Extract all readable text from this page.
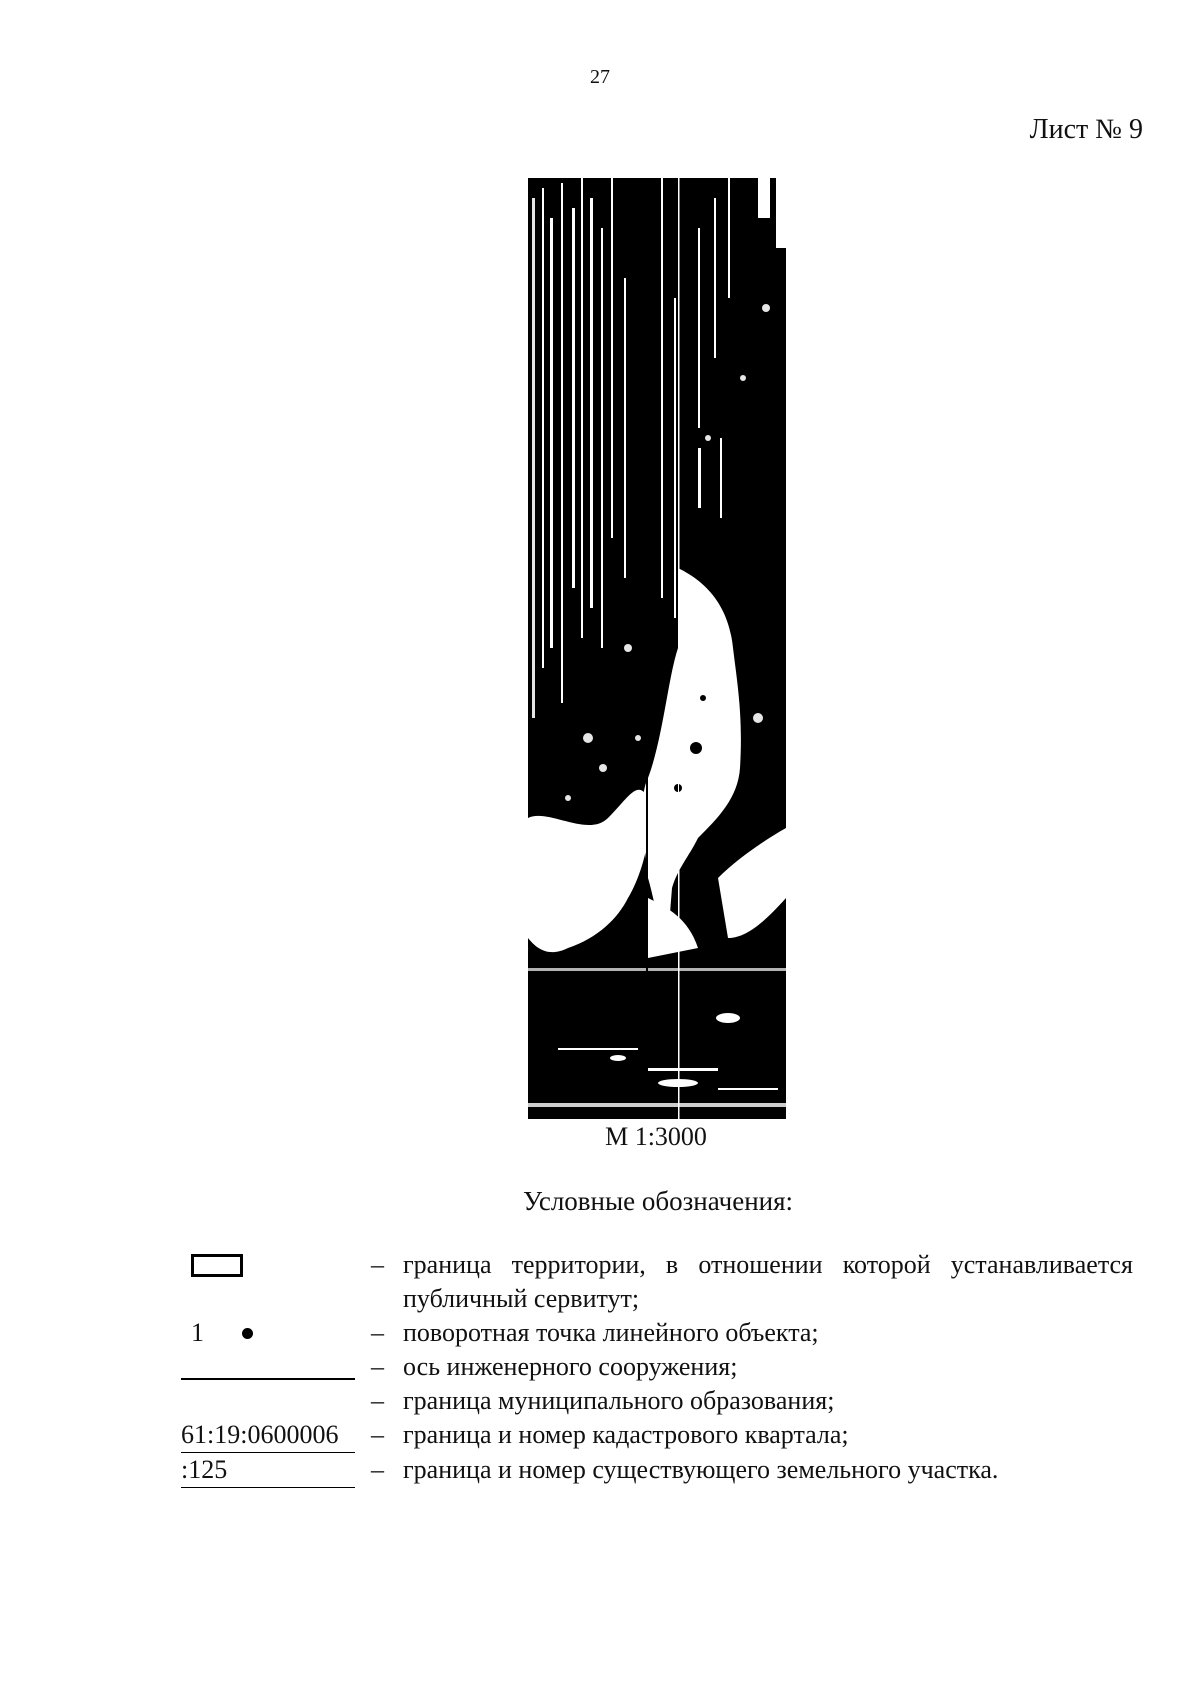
27
Лист № 9
М 1:3000
Условные обозначения:
– граница территории, в отношении которой устанавливается публичный сервитут;
1	– поворотная точка линейного объекта;
– ось инженерного сооружения;
– граница муниципального образования;
61:19:0600006	– граница и номер кадастрового квартала;
:125	– граница и номер существующего земельного участка.
